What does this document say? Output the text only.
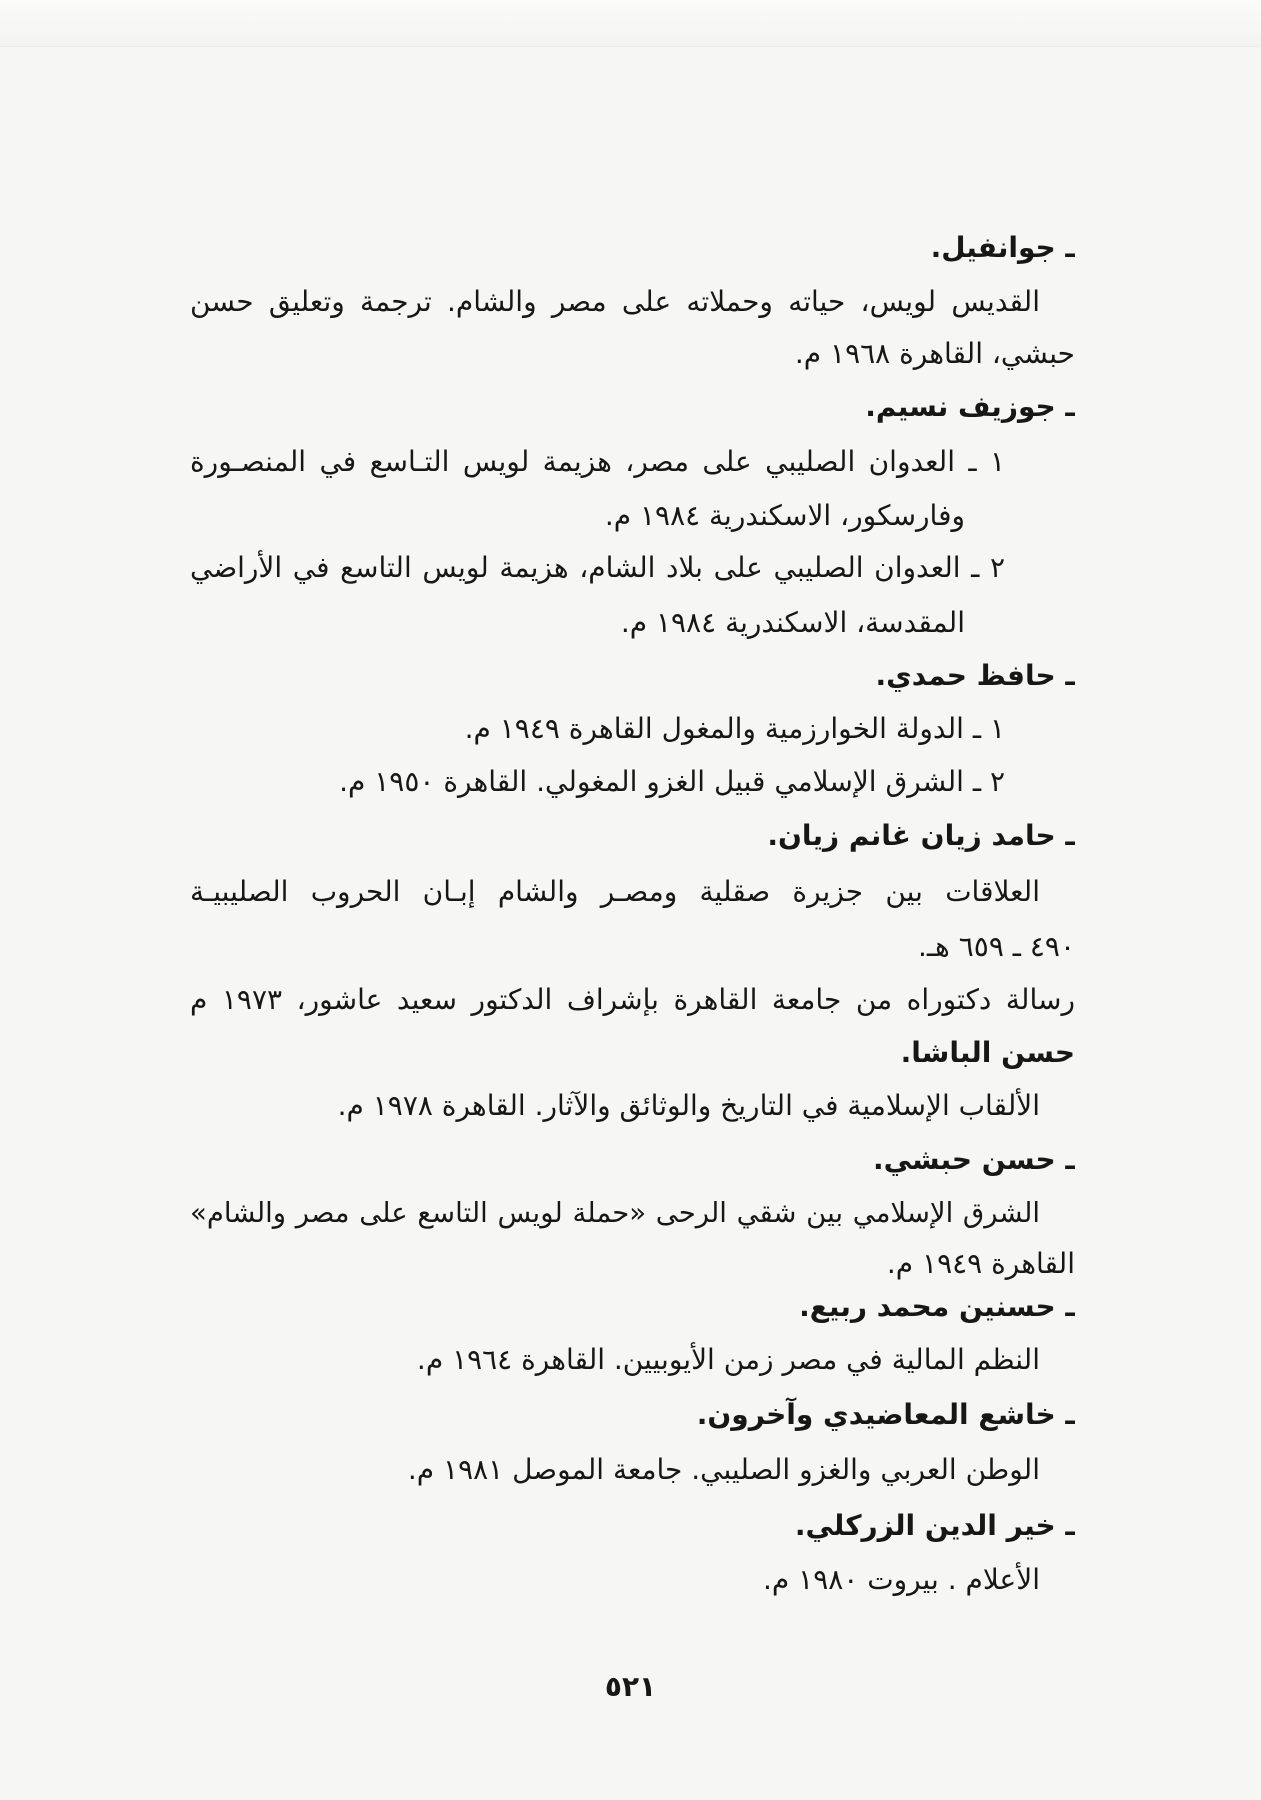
ـ جوانفيل.
القديس لويس، حياته وحملاته على مصر والشام. ترجمة وتعليق حسن
حبشي، القاهرة ١٩٦٨ م.
ـ جوزيف نسيم.
١ ـ العدوان الصليبي على مصر، هزيمة لويس التـاسع في المنصـورة
وفارسكور، الاسكندرية ١٩٨٤ م.
٢ ـ العدوان الصليبي على بلاد الشام، هزيمة لويس التاسع في الأراضي
المقدسة، الاسكندرية ١٩٨٤ م.
ـ حافظ حمدي.
١ ـ الدولة الخوارزمية والمغول القاهرة ١٩٤٩ م.
٢ ـ الشرق الإسلامي قبيل الغزو المغولي. القاهرة ١٩٥٠ م.
ـ حامد زيان غانم زيان.
العلاقات بين جزيرة صقلية ومصـر والشام إبـان الحروب الصليبيـة
٤٩٠ ـ ٦٥٩ هـ.
رسالة دكتوراه من جامعة القاهرة بإشراف الدكتور سعيد عاشور، ١٩٧٣ م
حسن الباشا.
الألقاب الإسلامية في التاريخ والوثائق والآثار. القاهرة ١٩٧٨ م.
ـ حسن حبشي.
الشرق الإسلامي بين شقي الرحى «حملة لويس التاسع على مصر والشام»
القاهرة ١٩٤٩ م.
ـ حسنين محمد ربيع.
النظم المالية في مصر زمن الأيوبيين. القاهرة ١٩٦٤ م.
ـ خاشع المعاضيدي وآخرون.
الوطن العربي والغزو الصليبي. جامعة الموصل ١٩٨١ م.
ـ خير الدين الزركلي.
الأعلام . بيروت ١٩٨٠ م.
٥٢١
